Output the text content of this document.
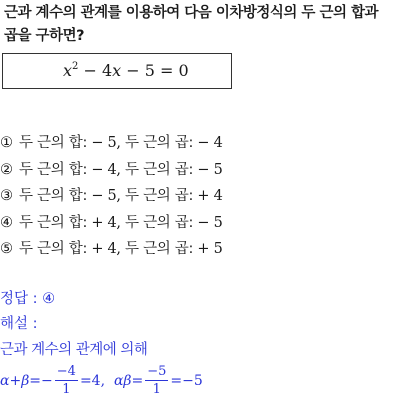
근과 계수의 관계를 이용하여 다음 이차방정식의 두 근의 합과 곱을 구하면?
$x^2 - 4x - 5 = 0$
① 두 근의 합: − 5, 두 근의 곱: − 4
② 두 근의 합: − 4, 두 근의 곱: − 5
③ 두 근의 합: − 5, 두 근의 곱: + 4
④ 두 근의 합: + 4, 두 근의 곱: − 5
⑤ 두 근의 합: + 4, 두 근의 곱: + 5
정답 : ④
해설 :
근과 계수의 관계에 의해
$\alpha+\beta=- \frac{-4}{1} =4$, $\alpha\beta= \frac{-5}{1} =-5$
